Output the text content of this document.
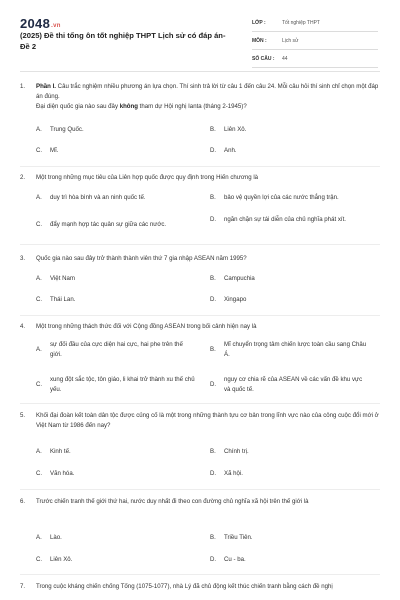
2048.vn
(2025) Đề thi tổng ôn tốt nghiệp THPT Lịch sử có đáp án- Đề 2
LỚP :	Tốt nghiệp THPT
MÔN :	Lịch sử
SỐ CÂU :	44
1. Phần I. Câu trắc nghiệm nhiều phương án lựa chọn. Thí sinh trả lời từ câu 1 đến câu 24. Mỗi câu hỏi thí sinh chỉ chọn một đáp án đúng.
Đại diện quốc gia nào sau đây không tham dự Hội nghị Ianta (tháng 2-1945)?
A. Trung Quốc.	B. Liên Xô.
C. Mĩ.	D. Anh.
2. Một trong những mục tiêu của Liên hợp quốc được quy định trong Hiến chương là
A. duy trì hòa bình và an ninh quốc tế.	B. bảo vệ quyền lợi của các nước thắng trận.
C. đẩy mạnh hợp tác quân sự giữa các nước.
D. ngăn chặn sự tái diễn của chủ nghĩa phát xít.
3. Quốc gia nào sau đây trở thành thành viên thứ 7 gia nhập ASEAN năm 1995?
A. Việt Nam	B. Campuchia
C. Thái Lan.	D. Xingapo
4. Một trong những thách thức đối với Cộng đồng ASEAN trong bối cảnh hiện nay là
A.
sự đối đầu của cực diện hai cực, hai phe trên thế giới.
B.
Mĩ chuyển trọng tâm chiến lược toàn cầu sang Châu Á.
C.
xung đột sắc tộc, tôn giáo, li khai trở thành xu thế chủ yếu.
D.
nguy cơ chia rẽ của ASEAN về các vấn đề khu vực và quốc tế.
5. Khối đại đoàn kết toàn dân tộc được củng cố là một trong những thành tựu cơ bản trong lĩnh vực nào của công cuộc đổi mới ở Việt Nam từ 1986 đến nay?
A. Kinh tế.	B. Chính trị.
C. Văn hóa.	D. Xã hội.
6. Trước chiến tranh thế giới thứ hai, nước duy nhất đi theo con đường chủ nghĩa xã hội trên thế giới là
A. Lào.	B. Triều Tiên.
C. Liên Xô.	D. Cu - ba.
7. Trong cuộc kháng chiến chống Tống (1075-1077), nhà Lý đã chủ động kết thúc chiến tranh bằng cách đề nghị
